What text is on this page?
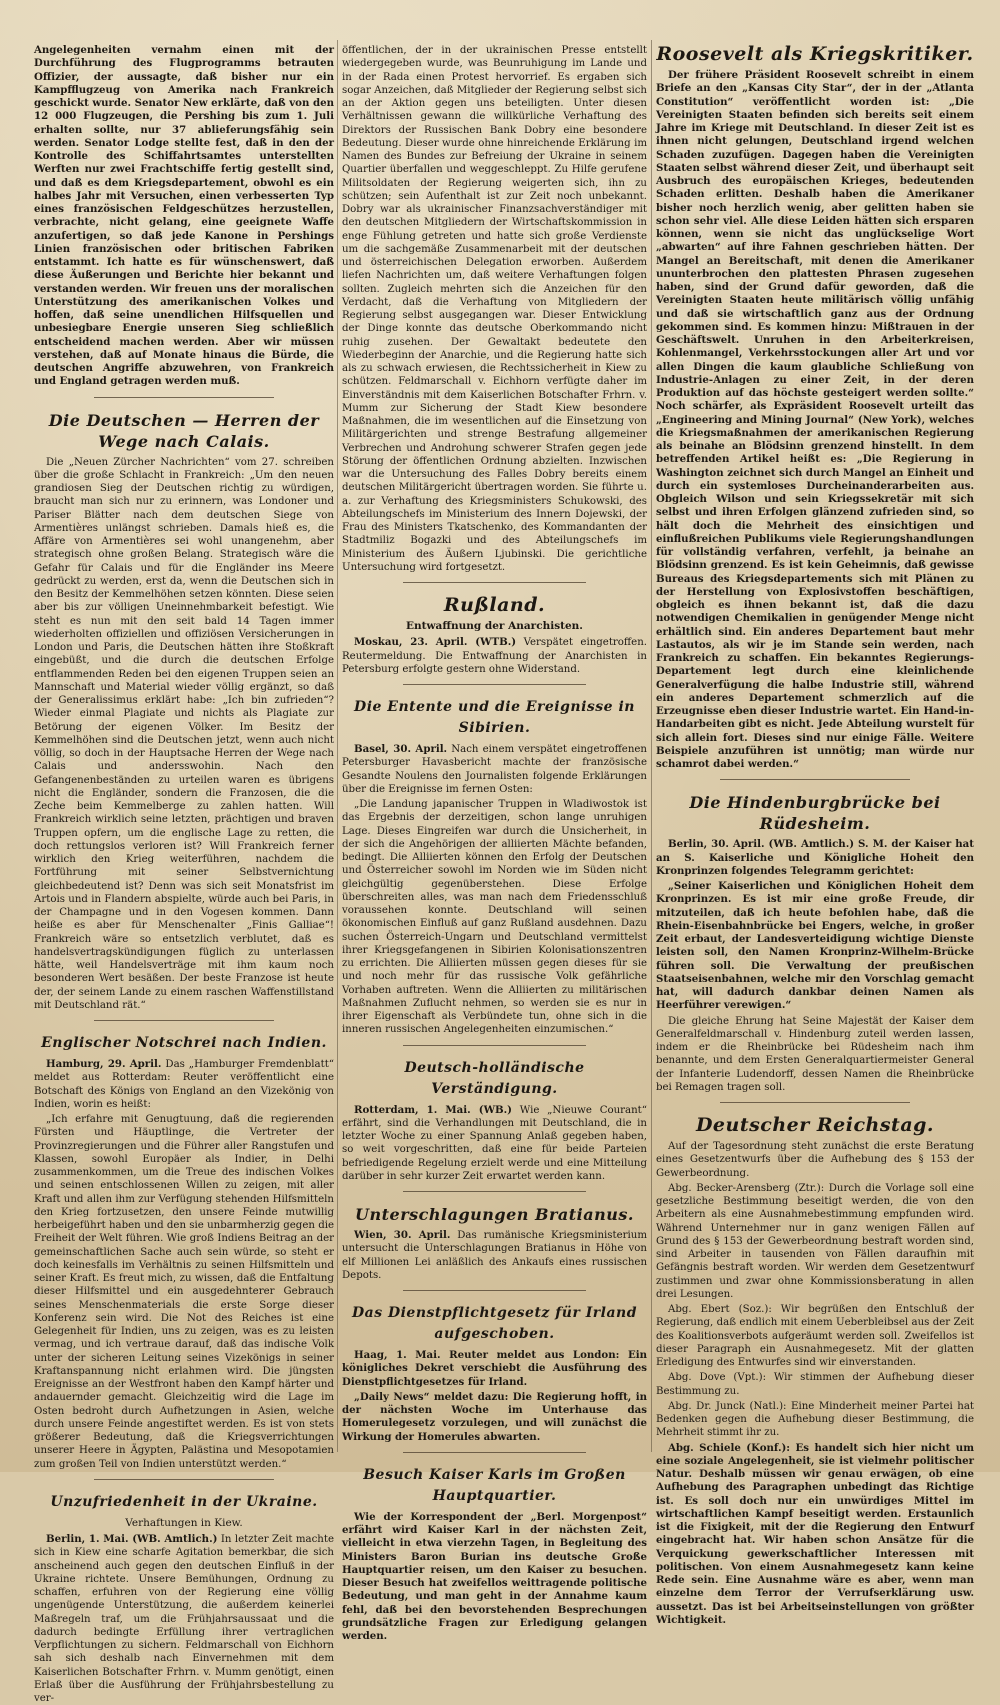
Angelegenheiten vernahm einen mit der Durchführung des Flugprogramms betrauten Offizier, der aussagte, daß bisher nur ein Kampfflugzeug von Amerika nach Frankreich geschickt wurde. Senator New erklärte, daß von den 12 000 Flugzeugen, die Pershing bis zum 1. Juli erhalten sollte, nur 37 ablieferungsfähig sein werden. Senator Lodge stellte fest, daß in den der Kontrolle des Schiffahrtsamtes unterstellten Werften nur zwei Frachtschiffe fertig gestellt sind, und daß es dem Kriegsdepartement, obwohl es ein halbes Jahr mit Versuchen, einen verbesserten Typ eines französischen Feldgeschützes herzustellen, verbrachte, nicht gelang, eine geeignete Waffe anzufertigen, so daß jede Kanone in Pershings Linien französischen oder britischen Fabriken entstammt. Ich hatte es für wünschenswert, daß diese Äußerungen und Berichte hier bekannt und verstanden werden. Wir freuen uns der moralischen Unterstützung des amerikanischen Volkes und hoffen, daß seine unendlichen Hilfsquellen und unbesiegbare Energie unseren Sieg schließlich entscheidend machen werden. Aber wir müssen verstehen, daß auf Monate hinaus die Bürde, die deutschen Angriffe abzuwehren, von Frankreich und England getragen werden muß.

Die Deutschen — Herren der Wege nach Calais.

Die „Neuen Zürcher Nachrichten“ vom 27. schreiben über die große Schlacht in Frankreich: „Um den neuen grandiosen Sieg der Deutschen richtig zu würdigen, braucht man sich nur zu erinnern, was Londoner und Pariser Blätter nach dem deutschen Siege von Armentières unlängst schrieben. Damals hieß es, die Affäre von Armentières sei wohl unangenehm, aber strategisch ohne großen Belang. Strategisch wäre die Gefahr für Calais und für die Engländer ins Meere gedrückt zu werden, erst da, wenn die Deutschen sich in den Besitz der Kemmelhöhen setzen könnten. Diese seien aber bis zur völligen Uneinnehmbarkeit befestigt. Wie steht es nun mit den seit bald 14 Tagen immer wiederholten offiziellen und offiziösen Versicherungen in London und Paris, die Deutschen hätten ihre Stoßkraft eingebüßt, und die durch die deutschen Erfolge entflammenden Reden bei den eigenen Truppen seien an Mannschaft und Material wieder völlig ergänzt, so daß der Generalissimus erklärt habe: „Ich bin zufrieden“? Wieder einmal Plagiate und nichts als Plagiate zur Betörung der eigenen Völker. Im Besitz der Kemmelhöhen sind die Deutschen jetzt, wenn auch nicht völlig, so doch in der Hauptsache Herren der Wege nach Calais und andersswohin. Nach den Gefangenenbeständen zu urteilen waren es übrigens nicht die Engländer, sondern die Franzosen, die die Zeche beim Kemmelberge zu zahlen hatten. Will Frankreich wirklich seine letzten, prächtigen und braven Truppen opfern, um die englische Lage zu retten, die doch rettungslos verloren ist? Will Frankreich ferner wirklich den Krieg weiterführen, nachdem die Fortführung mit seiner Selbstvernichtung gleichbedeutend ist? Denn was sich seit Monatsfrist im Artois und in Flandern abspielte, würde auch bei Paris, in der Champagne und in den Vogesen kommen. Dann heiße es aber für Menschenalter „Finis Galliae“! Frankreich wäre so entsetzlich verblutet, daß es handelsvertragskündigungen füglich zu unterlassen hätte, weil Handelsverträge mit ihm kaum noch besonderen Wert besäßen. Der beste Franzose ist heute der, der seinem Lande zu einem raschen Waffenstillstand mit Deutschland rät.“

Englischer Notschrei nach Indien.

Hamburg, 29. April. Das „Hamburger Fremdenblatt“ meldet aus Rotterdam: Reuter veröffentlicht eine Botschaft des Königs von England an den Vizekönig von Indien, worin es heißt:

„Ich erfahre mit Genugtuung, daß die regierenden Fürsten und Häuptlinge, die Vertreter der Provinzregierungen und die Führer aller Rangstufen und Klassen, sowohl Europäer als Indier, in Delhi zusammenkommen, um die Treue des indischen Volkes und seinen entschlossenen Willen zu zeigen, mit aller Kraft und allen ihm zur Verfügung stehenden Hilfsmitteln den Krieg fortzusetzen, den unsere Feinde mutwillig herbeigeführt haben und den sie unbarmherzig gegen die Freiheit der Welt führen. Wie groß Indiens Beitrag an der gemeinschaftlichen Sache auch sein würde, so steht er doch keinesfalls im Verhältnis zu seinen Hilfsmitteln und seiner Kraft. Es freut mich, zu wissen, daß die Entfaltung dieser Hilfsmittel und ein ausgedehnterer Gebrauch seines Menschenmaterials die erste Sorge dieser Konferenz sein wird. Die Not des Reiches ist eine Gelegenheit für Indien, uns zu zeigen, was es zu leisten vermag, und ich vertraue darauf, daß das indische Volk unter der sicheren Leitung seines Vizekönigs in seiner Kraftanspannung nicht erlahmen wird. Die jüngsten Ereignisse an der Westfront haben den Kampf härter und andauernder gemacht. Gleichzeitig wird die Lage im Osten bedroht durch Aufhetzungen in Asien, welche durch unsere Feinde angestiftet werden. Es ist von stets größerer Bedeutung, daß die Kriegsverrichtungen unserer Heere in Ägypten, Palästina und Mesopotamien zum großen Teil von Indien unterstützt werden.“

Unzufriedenheit in der Ukraine.
Verhaftungen in Kiew.

Berlin, 1. Mai. (WB. Amtlich.) In letzter Zeit machte sich in Kiew eine scharfe Agitation bemerkbar, die sich anscheinend auch gegen den deutschen Einfluß in der Ukraine richtete. Unsere Bemühungen, Ordnung zu schaffen, erfuhren von der Regierung eine völlig ungenügende Unterstützung, die außerdem keinerlei Maßregeln traf, um die Frühjahrsaussaat und die dadurch bedingte Erfüllung ihrer vertraglichen Verpflichtungen zu sichern. Feldmarschall von Eichhorn sah sich deshalb nach Einvernehmen mit dem Kaiserlichen Botschafter Frhrn. v. Mumm genötigt, einen Erlaß über die Ausführung der Frühjahrsbestellung zu ver-

öffentlichen, der in der ukrainischen Presse entstellt wiedergegeben wurde, was Beunruhigung im Lande und in der Rada einen Protest hervorrief. Es ergaben sich sogar Anzeichen, daß Mitglieder der Regierung selbst sich an der Aktion gegen uns beteiligten. Unter diesen Verhältnissen gewann die willkürliche Verhaftung des Direktors der Russischen Bank Dobry eine besondere Bedeutung. Dieser wurde ohne hinreichende Erklärung im Namen des Bundes zur Befreiung der Ukraine in seinem Quartier überfallen und weggeschleppt. Zu Hilfe gerufene Militsoldaten der Regierung weigerten sich, ihn zu schützen; sein Aufenthalt ist zur Zeit noch unbekannt. Dobry war als ukrainischer Finanzsachverständiger mit den deutschen Mitgliedern der Wirtschaftskommission in enge Fühlung getreten und hatte sich große Verdienste um die sachgemäße Zusammenarbeit mit der deutschen und österreichischen Delegation erworben. Außerdem liefen Nachrichten um, daß weitere Verhaftungen folgen sollten. Zugleich mehrten sich die Anzeichen für den Verdacht, daß die Verhaftung von Mitgliedern der Regierung selbst ausgegangen war. Dieser Entwicklung der Dinge konnte das deutsche Oberkommando nicht ruhig zusehen. Der Gewaltakt bedeutete den Wiederbeginn der Anarchie, und die Regierung hatte sich als zu schwach erwiesen, die Rechtssicherheit in Kiew zu schützen. Feldmarschall v. Eichhorn verfügte daher im Einverständnis mit dem Kaiserlichen Botschafter Frhrn. v. Mumm zur Sicherung der Stadt Kiew besondere Maßnahmen, die im wesentlichen auf die Einsetzung von Militärgerichten und strenge Bestrafung allgemeiner Verbrechen und Androhung schwerer Strafen gegen jede Störung der öffentlichen Ordnung abzielten. Inzwischen war die Untersuchung des Falles Dobry bereits einem deutschen Militärgericht übertragen worden. Sie führte u. a. zur Verhaftung des Kriegsministers Schukowski, des Abteilungschefs im Ministerium des Innern Dojewski, der Frau des Ministers Tkatschenko, des Kommandanten der Stadtmiliz Bogazki und des Abteilungschefs im Ministerium des Äußern Ljubinski. Die gerichtliche Untersuchung wird fortgesetzt.

Rußland.
Entwaffnung der Anarchisten.

Moskau, 23. April. (WTB.) Verspätet eingetroffen. Reutermeldung. Die Entwaffnung der Anarchisten in Petersburg erfolgte gestern ohne Widerstand.

Die Entente und die Ereignisse in Sibirien.

Basel, 30. April. Nach einem verspätet eingetroffenen Petersburger Havasbericht machte der französische Gesandte Noulens den Journalisten folgende Erklärungen über die Ereignisse im fernen Osten:

„Die Landung japanischer Truppen in Wladiwostok ist das Ergebnis der derzeitigen, schon lange unruhigen Lage. Dieses Eingreifen war durch die Unsicherheit, in der sich die Angehörigen der alliierten Mächte befanden, bedingt. Die Alliierten können den Erfolg der Deutschen und Österreicher sowohl im Norden wie im Süden nicht gleichgültig gegenüberstehen. Diese Erfolge überschreiten alles, was man nach dem Friedensschluß voraussehen konnte. Deutschland will seinen ökonomischen Einfluß auf ganz Rußland ausdehnen. Dazu suchen Österreich-Ungarn und Deutschland vermittelst ihrer Kriegsgefangenen in Sibirien Kolonisationszentren zu errichten. Die Alliierten müssen gegen dieses für sie und noch mehr für das russische Volk gefährliche Vorhaben auftreten. Wenn die Alliierten zu militärischen Maßnahmen Zuflucht nehmen, so werden sie es nur in ihrer Eigenschaft als Verbündete tun, ohne sich in die inneren russischen Angelegenheiten einzumischen.“

Deutsch-holländische Verständigung.

Rotterdam, 1. Mai. (WB.) Wie „Nieuwe Courant“ erfährt, sind die Verhandlungen mit Deutschland, die in letzter Woche zu einer Spannung Anlaß gegeben haben, so weit vorgeschritten, daß eine für beide Parteien befriedigende Regelung erzielt werde und eine Mitteilung darüber in sehr kurzer Zeit erwartet werden kann.

Unterschlagungen Bratianus.

Wien, 30. April. Das rumänische Kriegsministerium untersucht die Unterschlagungen Bratianus in Höhe von elf Millionen Lei anläßlich des Ankaufs eines russischen Depots.

Das Dienstpflichtgesetz für Irland aufgeschoben.

Haag, 1. Mai. Reuter meldet aus London: Ein königliches Dekret verschiebt die Ausführung des Dienstpflichtgesetzes für Irland.

„Daily News“ meldet dazu: Die Regierung hofft, in der nächsten Woche im Unterhause das Homerulegesetz vorzulegen, und will zunächst die Wirkung der Homerules abwarten.

Besuch Kaiser Karls im Großen Hauptquartier.

Wie der Korrespondent der „Berl. Morgenpost“ erfährt wird Kaiser Karl in der nächsten Zeit, vielleicht in etwa vierzehn Tagen, in Begleitung des Ministers Baron Burian ins deutsche Große Hauptquartier reisen, um den Kaiser zu besuchen. Dieser Besuch hat zweifellos weittragende politische Bedeutung, und man geht in der Annahme kaum fehl, daß bei den bevorstehenden Besprechungen grundsätzliche Fragen zur Erledigung gelangen werden.

Roosevelt als Kriegskritiker.

Der frühere Präsident Roosevelt schreibt in einem Briefe an den „Kansas City Star“, der in der „Atlanta Constitution“ veröffentlicht worden ist: „Die Vereinigten Staaten befinden sich bereits seit einem Jahre im Kriege mit Deutschland. In dieser Zeit ist es ihnen nicht gelungen, Deutschland irgend welchen Schaden zuzufügen. Dagegen haben die Vereinigten Staaten selbst während dieser Zeit, und überhaupt seit Ausbruch des europäischen Krieges, bedeutenden Schaden erlitten. Deshalb haben die Amerikaner bisher noch herzlich wenig, aber gelitten haben sie schon sehr viel. Alle diese Leiden hätten sich ersparen können, wenn sie nicht das unglückselige Wort „abwarten“ auf ihre Fahnen geschrieben hätten. Der Mangel an Bereitschaft, mit denen die Amerikaner ununterbrochen den plattesten Phrasen zugesehen haben, sind der Grund dafür geworden, daß die Vereinigten Staaten heute militärisch völlig unfähig und daß sie wirtschaftlich ganz aus der Ordnung gekommen sind. Es kommen hinzu: Mißtrauen in der Geschäftswelt. Unruhen in den Arbeiterkreisen, Kohlenmangel, Verkehrsstockungen aller Art und vor allen Dingen die kaum glaubliche Schließung von Industrie-Anlagen zu einer Zeit, in der deren Produktion auf das höchste gesteigert werden sollte.“ Noch schärfer, als Expräsident Roosevelt urteilt das „Engineering and Mining Journal“ (New York), welches die Kriegsmaßnahmen der amerikanischen Regierung als beinahe an Blödsinn grenzend hinstellt. In dem betreffenden Artikel heißt es: „Die Regierung in Washington zeichnet sich durch Mangel an Einheit und durch ein systemloses Durcheinanderarbeiten aus. Obgleich Wilson und sein Kriegssekretär mit sich selbst und ihren Erfolgen glänzend zufrieden sind, so hält doch die Mehrheit des einsichtigen und einflußreichen Publikums viele Regierungshandlungen für vollständig verfahren, verfehlt, ja beinahe an Blödsinn grenzend. Es ist kein Geheimnis, daß gewisse Bureaus des Kriegsdepartements sich mit Plänen zu der Herstellung von Explosivstoffen beschäftigen, obgleich es ihnen bekannt ist, daß die dazu notwendigen Chemikalien in genügender Menge nicht erhältlich sind. Ein anderes Departement baut mehr Lastautos, als wir je im Stande sein werden, nach Frankreich zu schaffen. Ein bekanntes Regierungs-Departement legt durch eine kleinlichende Generalverfügung die halbe Industrie still, während ein anderes Departement schmerzlich auf die Erzeugnisse eben dieser Industrie wartet. Ein Hand-in-Handarbeiten gibt es nicht. Jede Abteilung wurstelt für sich allein fort. Dieses sind nur einige Fälle. Weitere Beispiele anzuführen ist unnötig; man würde nur schamrot dabei werden.“

Die Hindenburgbrücke bei Rüdesheim.

Berlin, 30. April. (WB. Amtlich.) S. M. der Kaiser hat an S. Kaiserliche und Königliche Hoheit den Kronprinzen folgendes Telegramm gerichtet:

„Seiner Kaiserlichen und Königlichen Hoheit dem Kronprinzen. Es ist mir eine große Freude, dir mitzuteilen, daß ich heute befohlen habe, daß die Rhein-Eisenbahnbrücke bei Engers, welche, in großer Zeit erbaut, der Landesverteidigung wichtige Dienste leisten soll, den Namen Kronprinz-Wilhelm-Brücke führen soll. Die Verwaltung der preußischen Staatseisenbahnen, welche mir den Vorschlag gemacht hat, will dadurch dankbar deinen Namen als Heerführer verewigen.“

Die gleiche Ehrung hat Seine Majestät der Kaiser dem Generalfeldmarschall v. Hindenburg zuteil werden lassen, indem er die Rheinbrücke bei Rüdesheim nach ihm benannte, und dem Ersten Generalquartiermeister General der Infanterie Ludendorff, dessen Namen die Rheinbrücke bei Remagen tragen soll.

Deutscher Reichstag.

Auf der Tagesordnung steht zunächst die erste Beratung eines Gesetzentwurfs über die Aufhebung des § 153 der Gewerbeordnung.

Abg. Becker-Arensberg (Ztr.): Durch die Vorlage soll eine gesetzliche Bestimmung beseitigt werden, die von den Arbeitern als eine Ausnahmebestimmung empfunden wird. Während Unternehmer nur in ganz wenigen Fällen auf Grund des § 153 der Gewerbeordnung bestraft worden sind, sind Arbeiter in tausenden von Fällen daraufhin mit Gefängnis bestraft worden. Wir werden dem Gesetzentwurf zustimmen und zwar ohne Kommissionsberatung in allen drei Lesungen.

Abg. Ebert (Soz.): Wir begrüßen den Entschluß der Regierung, daß endlich mit einem Ueberbleibsel aus der Zeit des Koalitionsverbots aufgeräumt werden soll. Zweifellos ist dieser Paragraph ein Ausnahmegesetz. Mit der glatten Erledigung des Entwurfes sind wir einverstanden.

Abg. Dove (Vpt.): Wir stimmen der Aufhebung dieser Bestimmung zu.

Abg. Dr. Junck (Natl.): Eine Minderheit meiner Partei hat Bedenken gegen die Aufhebung dieser Bestimmung, die Mehrheit stimmt ihr zu.

Abg. Schiele (Konf.): Es handelt sich hier nicht um eine soziale Angelegenheit, sie ist vielmehr politischer Natur. Deshalb müssen wir genau erwägen, ob eine Aufhebung des Paragraphen unbedingt das Richtige ist. Es soll doch nur ein unwürdiges Mittel im wirtschaftlichen Kampf beseitigt werden. Erstaunlich ist die Fixigkeit, mit der die Regierung den Entwurf eingebracht hat. Wir haben schon Ansätze für die Verquickung gewerkschaftlicher Interessen mit politischen. Von einem Ausnahmegesetz kann keine Rede sein. Eine Ausnahme wäre es aber, wenn man einzelne dem Terror der Verrufserklärung usw. aussetzt. Das ist bei Arbeitseinstellungen von größter Wichtigkeit.
